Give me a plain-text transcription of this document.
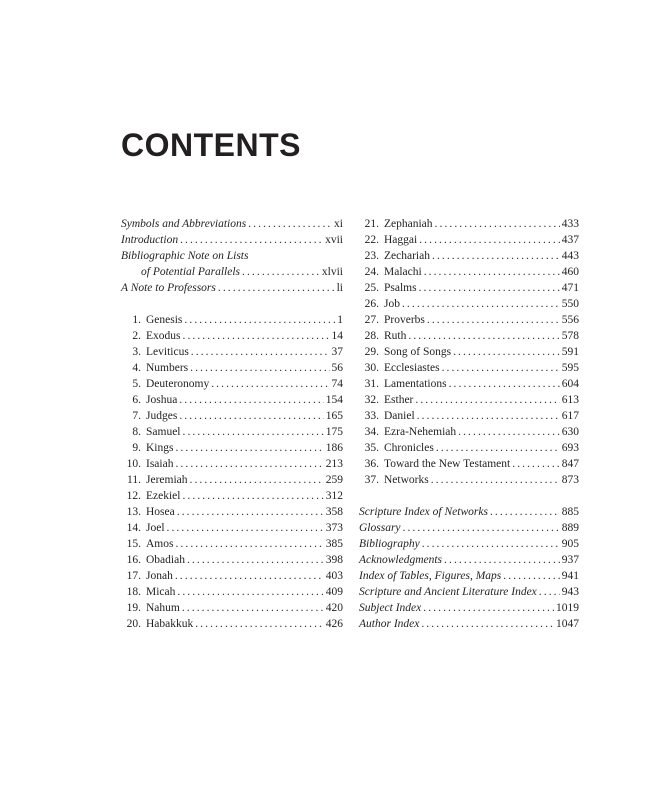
CONTENTS
Symbols and Abbreviations . . .	xi
Introduction . . .	xvii
Bibliographic Note on Lists
of Potential Parallels . . .	xlvii
A Note to Professors . . .	li
1. Genesis . . .	1
2. Exodus . . .	14
3. Leviticus . . .	37
4. Numbers . . .	56
5. Deuteronomy . . .	74
6. Joshua . . .	154
7. Judges . . .	165
8. Samuel . . .	175
9. Kings . . .	186
10. Isaiah . . .	213
11. Jeremiah . . .	259
12. Ezekiel . . .	312
13. Hosea . . .	358
14. Joel . . .	373
15. Amos . . .	385
16. Obadiah . . .	398
17. Jonah . . .	403
18. Micah . . .	409
19. Nahum . . .	420
20. Habakkuk . . .	426
21. Zephaniah . . .	433
22. Haggai . . .	437
23. Zechariah . . .	443
24. Malachi . . .	460
25. Psalms . . .	471
26. Job . . .	550
27. Proverbs . . .	556
28. Ruth . . .	578
29. Song of Songs . . .	591
30. Ecclesiastes . . .	595
31. Lamentations . . .	604
32. Esther . . .	613
33. Daniel . . .	617
34. Ezra-Nehemiah . . .	630
35. Chronicles . . .	693
36. Toward the New Testament . . .	847
37. Networks . . .	873
Scripture Index of Networks . . .	885
Glossary . . .	889
Bibliography . . .	905
Acknowledgments . . .	937
Index of Tables, Figures, Maps . . .	941
Scripture and Ancient Literature Index . . . 943
Subject Index . . .	1019
Author Index . . .	1047
